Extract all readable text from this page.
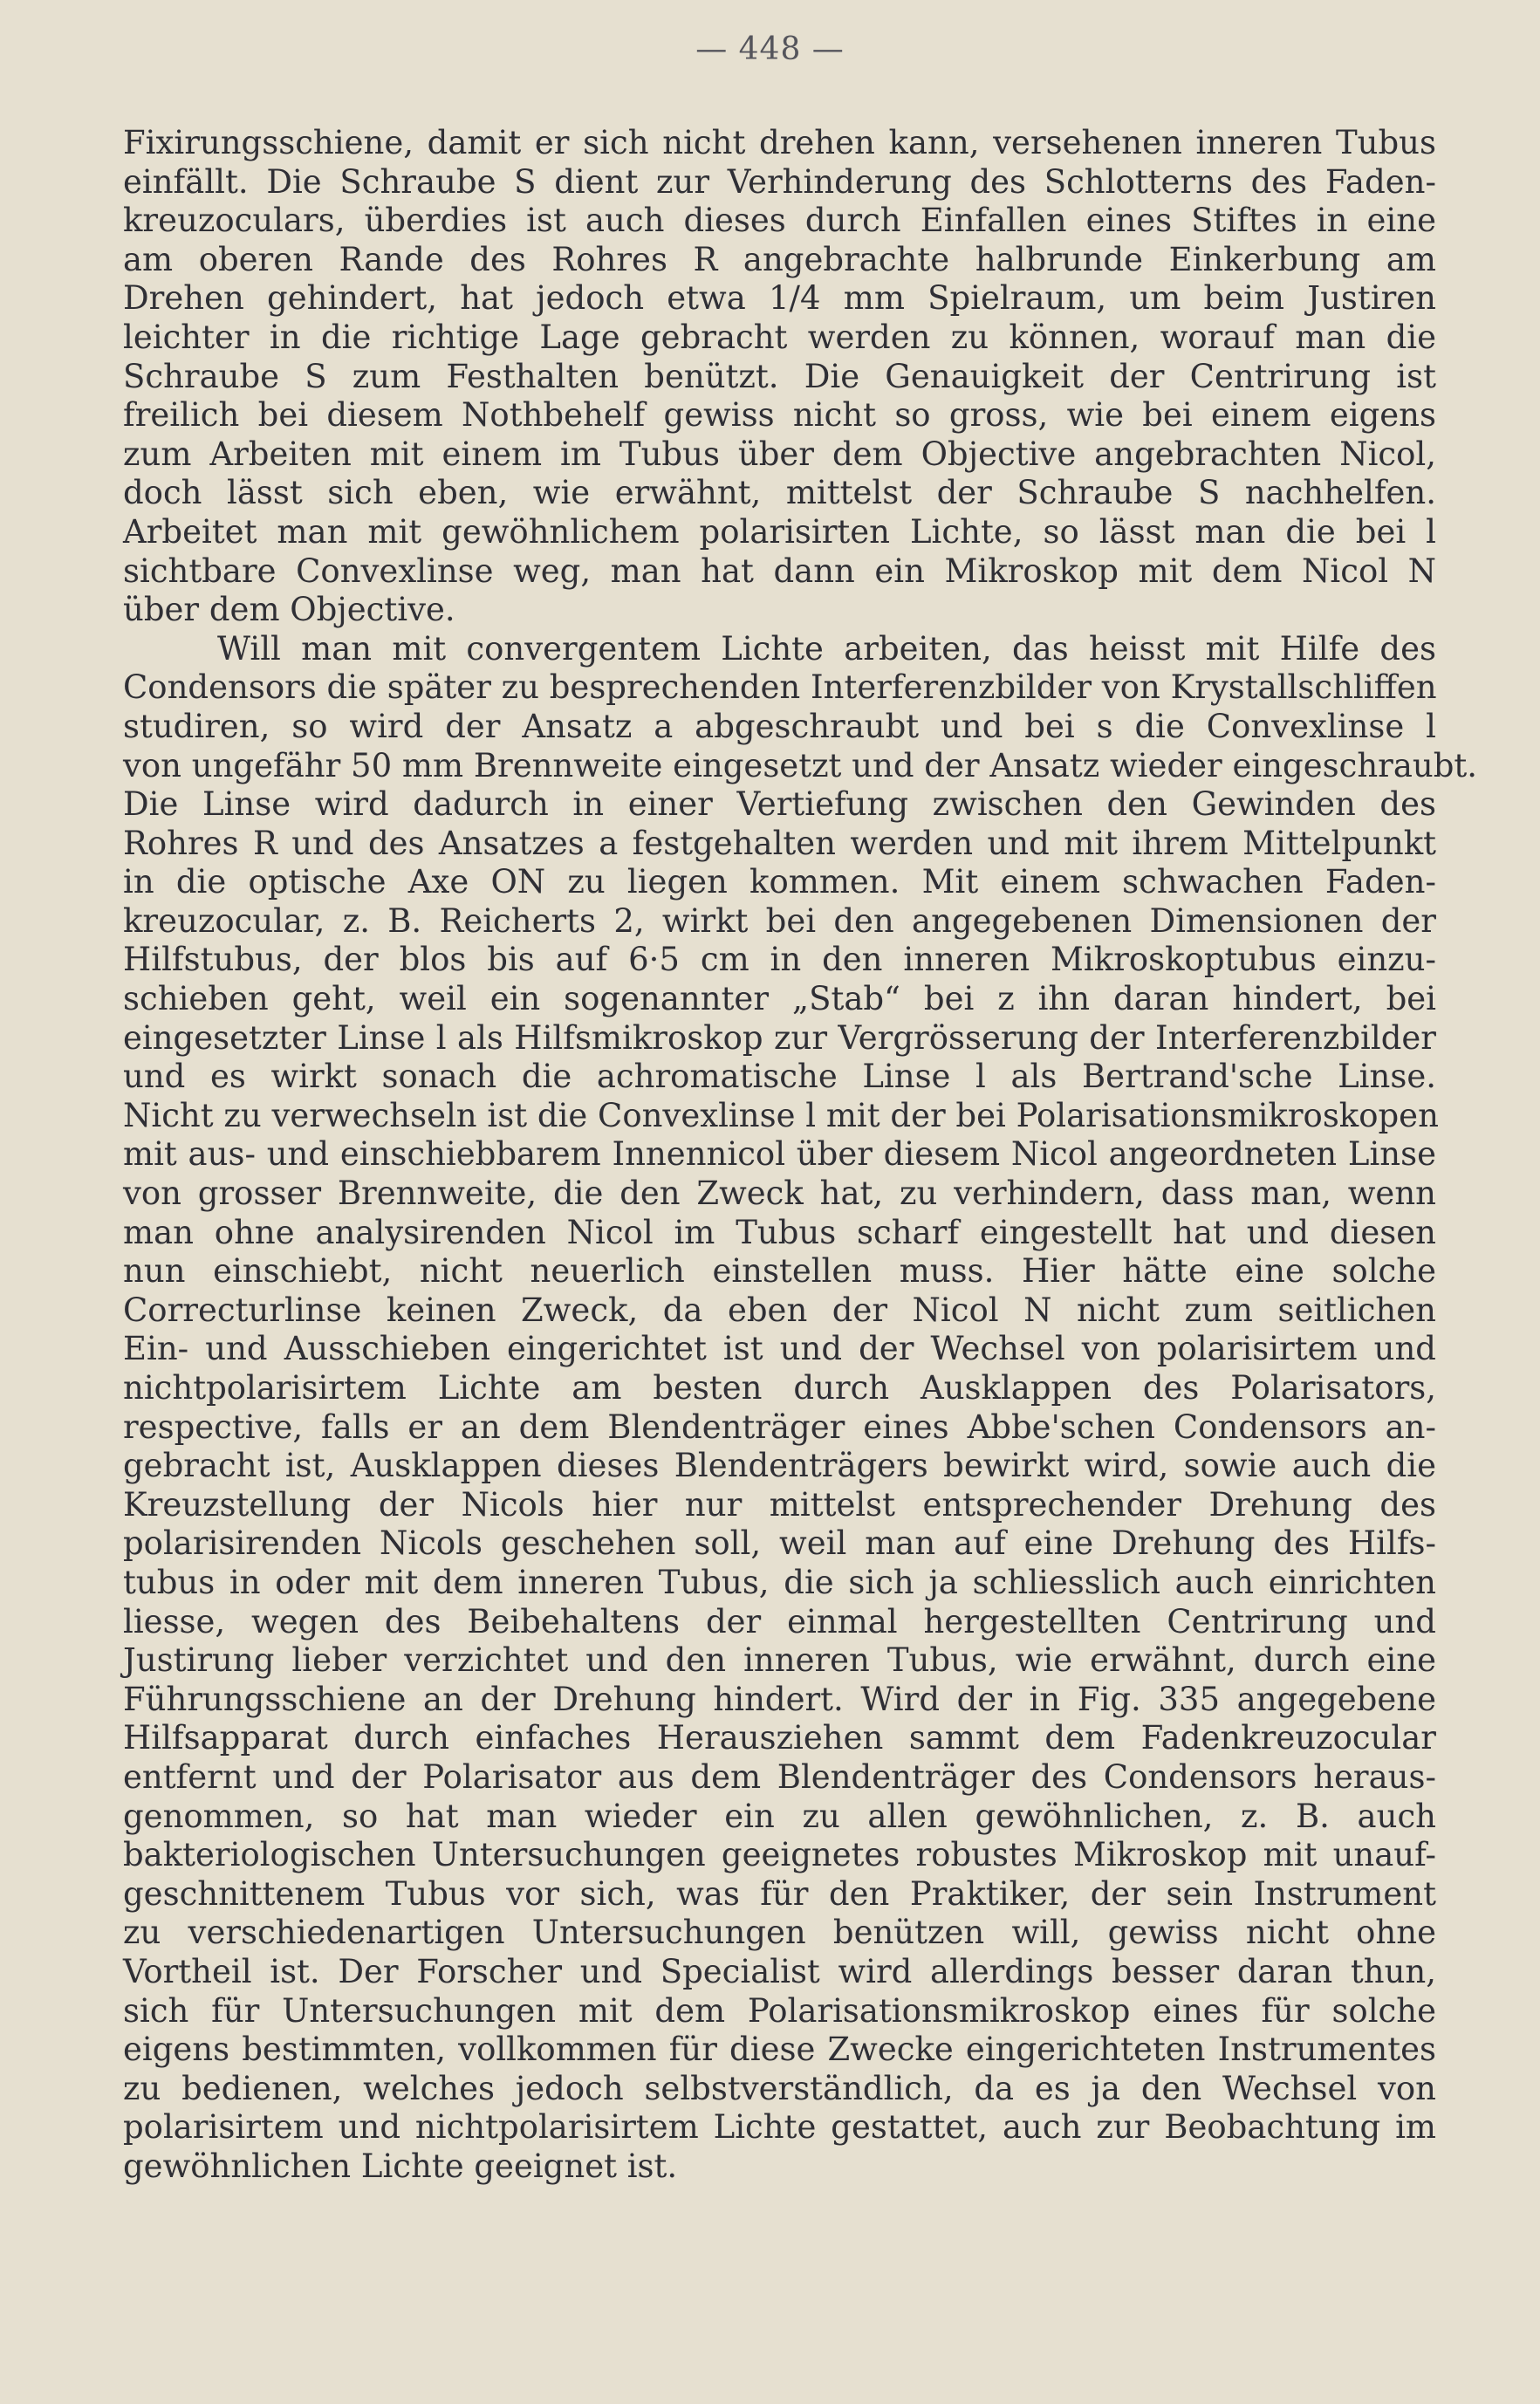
— 448 —
Fixirungsschiene, damit er sich nicht drehen kann, versehenen inneren Tubus
einfällt. Die Schraube S dient zur Verhinderung des Schlotterns des Faden-
kreuzoculars, überdies ist auch dieses durch Einfallen eines Stiftes in eine
am oberen Rande des Rohres R angebrachte halbrunde Einkerbung am
Drehen gehindert, hat jedoch etwa 1/4 mm Spielraum, um beim Justiren
leichter in die richtige Lage gebracht werden zu können, worauf man die
Schraube S zum Festhalten benützt. Die Genauigkeit der Centrirung ist
freilich bei diesem Nothbehelf gewiss nicht so gross, wie bei einem eigens
zum Arbeiten mit einem im Tubus über dem Objective angebrachten Nicol,
doch lässt sich eben, wie erwähnt, mittelst der Schraube S nachhelfen.
Arbeitet man mit gewöhnlichem polarisirten Lichte, so lässt man die bei l
sichtbare Convexlinse weg, man hat dann ein Mikroskop mit dem Nicol N
über dem Objective.
Will man mit convergentem Lichte arbeiten, das heisst mit Hilfe des
Condensors die später zu besprechenden Interferenzbilder von Krystallschliffen
studiren, so wird der Ansatz a abgeschraubt und bei s die Convexlinse l
von ungefähr 50 mm Brennweite eingesetzt und der Ansatz wieder eingeschraubt.
Die Linse wird dadurch in einer Vertiefung zwischen den Gewinden des
Rohres R und des Ansatzes a festgehalten werden und mit ihrem Mittelpunkt
in die optische Axe ON zu liegen kommen. Mit einem schwachen Faden-
kreuzocular, z. B. Reicherts 2, wirkt bei den angegebenen Dimensionen der
Hilfstubus, der blos bis auf 6·5 cm in den inneren Mikroskoptubus einzu-
schieben geht, weil ein sogenannter „Stab“ bei z ihn daran hindert, bei
eingesetzter Linse l als Hilfsmikroskop zur Vergrösserung der Interferenzbilder
und es wirkt sonach die achromatische Linse l als Bertrand'sche Linse.
Nicht zu verwechseln ist die Convexlinse l mit der bei Polarisationsmikroskopen
mit aus- und einschiebbarem Innennicol über diesem Nicol angeordneten Linse
von grosser Brennweite, die den Zweck hat, zu verhindern, dass man, wenn
man ohne analysirenden Nicol im Tubus scharf eingestellt hat und diesen
nun einschiebt, nicht neuerlich einstellen muss. Hier hätte eine solche
Correcturlinse keinen Zweck, da eben der Nicol N nicht zum seitlichen
Ein- und Ausschieben eingerichtet ist und der Wechsel von polarisirtem und
nichtpolarisirtem Lichte am besten durch Ausklappen des Polarisators,
respective, falls er an dem Blendenträger eines Abbe'schen Condensors an-
gebracht ist, Ausklappen dieses Blendenträgers bewirkt wird, sowie auch die
Kreuzstellung der Nicols hier nur mittelst entsprechender Drehung des
polarisirenden Nicols geschehen soll, weil man auf eine Drehung des Hilfs-
tubus in oder mit dem inneren Tubus, die sich ja schliesslich auch einrichten
liesse, wegen des Beibehaltens der einmal hergestellten Centrirung und
Justirung lieber verzichtet und den inneren Tubus, wie erwähnt, durch eine
Führungsschiene an der Drehung hindert. Wird der in Fig. 335 angegebene
Hilfsapparat durch einfaches Herausziehen sammt dem Fadenkreuzocular
entfernt und der Polarisator aus dem Blendenträger des Condensors heraus-
genommen, so hat man wieder ein zu allen gewöhnlichen, z. B. auch
bakteriologischen Untersuchungen geeignetes robustes Mikroskop mit unauf-
geschnittenem Tubus vor sich, was für den Praktiker, der sein Instrument
zu verschiedenartigen Untersuchungen benützen will, gewiss nicht ohne
Vortheil ist. Der Forscher und Specialist wird allerdings besser daran thun,
sich für Untersuchungen mit dem Polarisationsmikroskop eines für solche
eigens bestimmten, vollkommen für diese Zwecke eingerichteten Instrumentes
zu bedienen, welches jedoch selbstverständlich, da es ja den Wechsel von
polarisirtem und nichtpolarisirtem Lichte gestattet, auch zur Beobachtung im
gewöhnlichen Lichte geeignet ist.
